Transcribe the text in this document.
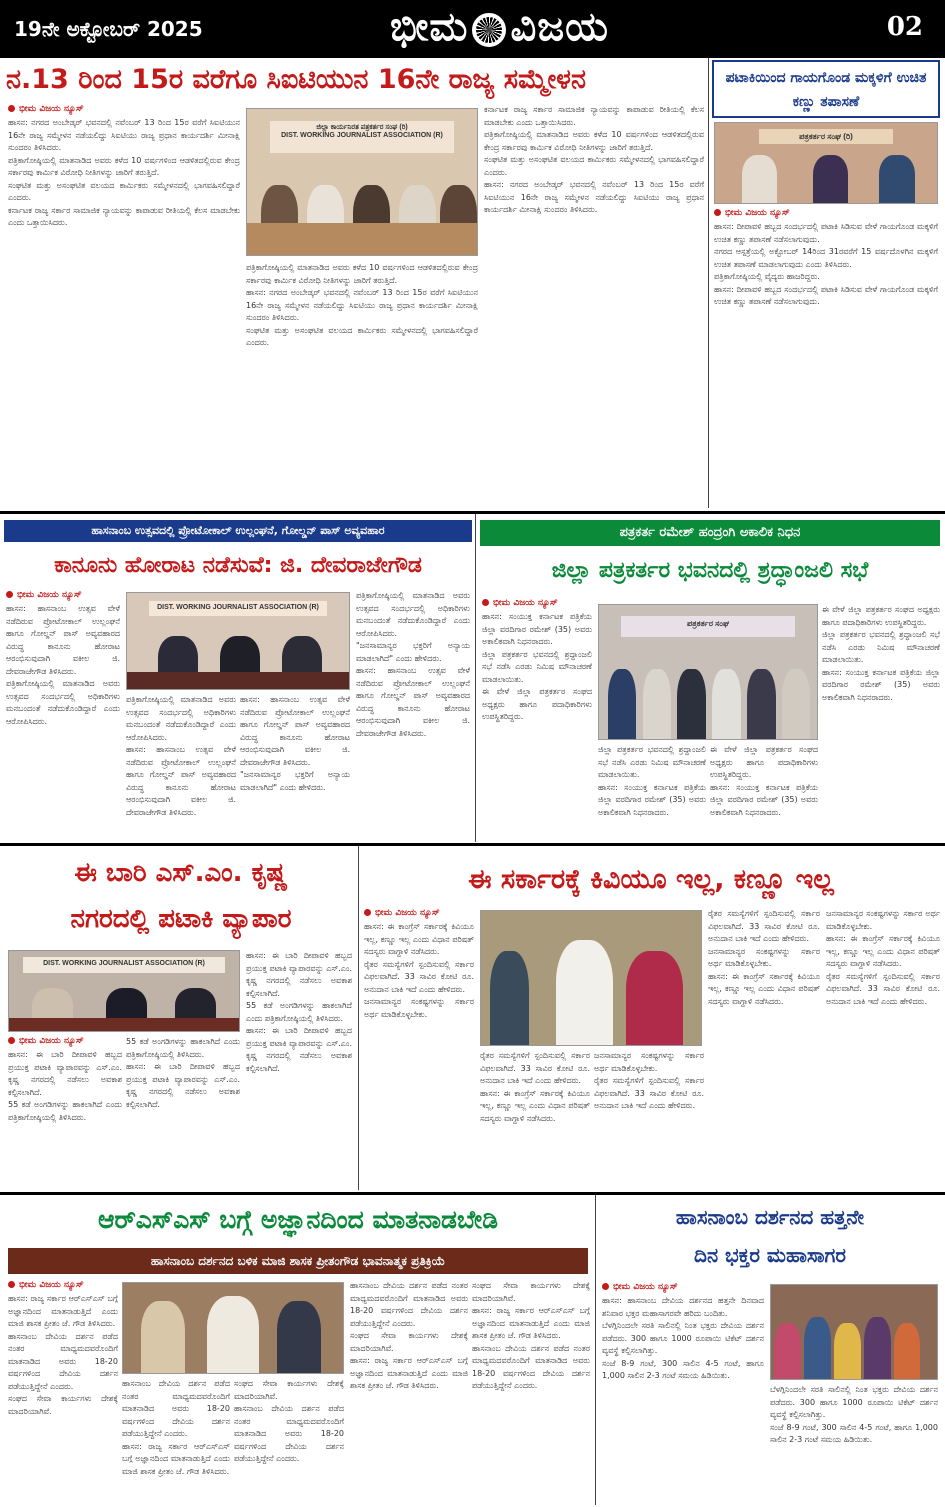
19ನೇ ಅಕ್ಟೋಬರ್ 2025	ಭೀಮ ವಿಜಯ	02
ನ.13 ರಿಂದ 15ರ ವರೆಗೂ ಸಿಐಟಿಯುನ 16ನೇ ರಾಜ್ಯ ಸಮ್ಮೇಳನ
ಭೀಮ ವಿಜಯ ನ್ಯೂಸ್
ಹಾಸನ: ನಗರದ ಅಂಬೇಡ್ಕರ್ ಭವನದಲ್ಲಿ ನವೆಂಬರ್ 13 ರಿಂದ 15ರ ವರೆಗೆ ಸಿಐಟಿಯುನ 16ನೇ ರಾಜ್ಯ ಸಮ್ಮೇಳನ ನಡೆಯಲಿದ್ದು ಸಿಐಟಿಯು ರಾಜ್ಯ ಪ್ರಧಾನ ಕಾರ್ಯದರ್ಶಿ ಮೀನಾಕ್ಷಿ ಸುಂದರಂ ತಿಳಿಸಿದರು.
ಪತ್ರಿಕಾಗೋಷ್ಠಿಯಲ್ಲಿ ಮಾತನಾಡಿದ ಅವರು ಕಳೆದ 10 ವರ್ಷಗಳಿಂದ ಆಡಳಿತದಲ್ಲಿರುವ ಕೇಂದ್ರ ಸರ್ಕಾರವು ಕಾರ್ಮಿಕ ವಿರೋಧಿ ನೀತಿಗಳನ್ನು ಜಾರಿಗೆ ತರುತ್ತಿದೆ.
ಸಂಘಟಿತ ಮತ್ತು ಅಸಂಘಟಿತ ವಲಯದ ಕಾರ್ಮಿಕರು ಸಮ್ಮೇಳನದಲ್ಲಿ ಭಾಗವಹಿಸಲಿದ್ದಾರೆ ಎಂದರು.
ಕರ್ನಾಟಕ ರಾಜ್ಯ ಸರ್ಕಾರ ಸಾಮಾಜಿಕ ನ್ಯಾಯವನ್ನು ಕಾಪಾಡುವ ರೀತಿಯಲ್ಲಿ ಕೆಲಸ ಮಾಡಬೇಕು ಎಂದು ಒತ್ತಾಯಿಸಿದರು.
ಜಿಲ್ಲಾ ಕಾರ್ಯನಿರತ ಪತ್ರಕರ್ತರ ಸಂಘ (ರಿ)
DIST. WORKING JOURNALIST ASSOCIATION (R)
ಪತ್ರಿಕಾಗೋಷ್ಠಿಯಲ್ಲಿ ಮಾತನಾಡಿದ ಅವರು ಕಳೆದ 10 ವರ್ಷಗಳಿಂದ ಆಡಳಿತದಲ್ಲಿರುವ ಕೇಂದ್ರ ಸರ್ಕಾರವು ಕಾರ್ಮಿಕ ವಿರೋಧಿ ನೀತಿಗಳನ್ನು ಜಾರಿಗೆ ತರುತ್ತಿದೆ.
ಹಾಸನ: ನಗರದ ಅಂಬೇಡ್ಕರ್ ಭವನದಲ್ಲಿ ನವೆಂಬರ್ 13 ರಿಂದ 15ರ ವರೆಗೆ ಸಿಐಟಿಯುನ 16ನೇ ರಾಜ್ಯ ಸಮ್ಮೇಳನ ನಡೆಯಲಿದ್ದು ಸಿಐಟಿಯು ರಾಜ್ಯ ಪ್ರಧಾನ ಕಾರ್ಯದರ್ಶಿ ಮೀನಾಕ್ಷಿ ಸುಂದರಂ ತಿಳಿಸಿದರು.
ಸಂಘಟಿತ ಮತ್ತು ಅಸಂಘಟಿತ ವಲಯದ ಕಾರ್ಮಿಕರು ಸಮ್ಮೇಳನದಲ್ಲಿ ಭಾಗವಹಿಸಲಿದ್ದಾರೆ ಎಂದರು.
ಕರ್ನಾಟಕ ರಾಜ್ಯ ಸರ್ಕಾರ ಸಾಮಾಜಿಕ ನ್ಯಾಯವನ್ನು ಕಾಪಾಡುವ ರೀತಿಯಲ್ಲಿ ಕೆಲಸ ಮಾಡಬೇಕು ಎಂದು ಒತ್ತಾಯಿಸಿದರು.
ಪತ್ರಿಕಾಗೋಷ್ಠಿಯಲ್ಲಿ ಮಾತನಾಡಿದ ಅವರು ಕಳೆದ 10 ವರ್ಷಗಳಿಂದ ಆಡಳಿತದಲ್ಲಿರುವ ಕೇಂದ್ರ ಸರ್ಕಾರವು ಕಾರ್ಮಿಕ ವಿರೋಧಿ ನೀತಿಗಳನ್ನು ಜಾರಿಗೆ ತರುತ್ತಿದೆ.
ಸಂಘಟಿತ ಮತ್ತು ಅಸಂಘಟಿತ ವಲಯದ ಕಾರ್ಮಿಕರು ಸಮ್ಮೇಳನದಲ್ಲಿ ಭಾಗವಹಿಸಲಿದ್ದಾರೆ ಎಂದರು.
ಹಾಸನ: ನಗರದ ಅಂಬೇಡ್ಕರ್ ಭವನದಲ್ಲಿ ನವೆಂಬರ್ 13 ರಿಂದ 15ರ ವರೆಗೆ ಸಿಐಟಿಯುನ 16ನೇ ರಾಜ್ಯ ಸಮ್ಮೇಳನ ನಡೆಯಲಿದ್ದು ಸಿಐಟಿಯು ರಾಜ್ಯ ಪ್ರಧಾನ ಕಾರ್ಯದರ್ಶಿ ಮೀನಾಕ್ಷಿ ಸುಂದರಂ ತಿಳಿಸಿದರು.
ಪಟಾಕಿಯಿಂದ ಗಾಯಗೊಂಡ ಮಕ್ಕಳಿಗೆ ಉಚಿತ ಕಣ್ಣು ತಪಾಸಣೆ
ಪತ್ರಕರ್ತರ ಸಂಘ (ರಿ)
ಭೀಮ ವಿಜಯ ನ್ಯೂಸ್
ಹಾಸನ: ದೀಪಾವಳಿ ಹಬ್ಬದ ಸಂದರ್ಭದಲ್ಲಿ ಪಟಾಕಿ ಸಿಡಿಸುವ ವೇಳೆ ಗಾಯಗೊಂಡ ಮಕ್ಕಳಿಗೆ ಉಚಿತ ಕಣ್ಣು ತಪಾಸಣೆ ನಡೆಸಲಾಗುವುದು.
ನಗರದ ಆಸ್ಪತ್ರೆಯಲ್ಲಿ ಅಕ್ಟೋಬರ್ 14ರಿಂದ 31ರವರೆಗೆ 15 ವರ್ಷದೊಳಗಿನ ಮಕ್ಕಳಿಗೆ ಉಚಿತ ತಪಾಸಣೆ ಮಾಡಲಾಗುವುದು ಎಂದು ತಿಳಿಸಿದರು.
ಪತ್ರಿಕಾಗೋಷ್ಠಿಯಲ್ಲಿ ವೈದ್ಯರು ಹಾಜರಿದ್ದರು.
ಹಾಸನ: ದೀಪಾವಳಿ ಹಬ್ಬದ ಸಂದರ್ಭದಲ್ಲಿ ಪಟಾಕಿ ಸಿಡಿಸುವ ವೇಳೆ ಗಾಯಗೊಂಡ ಮಕ್ಕಳಿಗೆ ಉಚಿತ ಕಣ್ಣು ತಪಾಸಣೆ ನಡೆಸಲಾಗುವುದು.
ಹಾಸನಾಂಬ ಉತ್ಸವದಲ್ಲಿ ಪ್ರೋಟೋಕಾಲ್ ಉಲ್ಲಂಘನೆ, ಗೋಲ್ಡನ್ ಪಾಸ್ ಅವ್ಯವಹಾರ
ಕಾನೂನು ಹೋರಾಟ ನಡೆಸುವೆ: ಜಿ. ದೇವರಾಜೇಗೌಡ
ಭೀಮ ವಿಜಯ ನ್ಯೂಸ್
ಹಾಸನ: ಹಾಸನಾಂಬ ಉತ್ಸವ ವೇಳೆ ನಡೆದಿರುವ ಪ್ರೋಟೋಕಾಲ್ ಉಲ್ಲಂಘನೆ ಹಾಗೂ ಗೋಲ್ಡನ್ ಪಾಸ್ ಅವ್ಯವಹಾರದ ವಿರುದ್ಧ ಕಾನೂನು ಹೋರಾಟ ಆರಂಭಿಸುವುದಾಗಿ ವಕೀಲ ಜಿ. ದೇವರಾಜೇಗೌಡ ತಿಳಿಸಿದರು.
ಪತ್ರಿಕಾಗೋಷ್ಠಿಯಲ್ಲಿ ಮಾತನಾಡಿದ ಅವರು ಉತ್ಸವದ ಸಂದರ್ಭದಲ್ಲಿ ಅಧಿಕಾರಿಗಳು ಮನಬಂದಂತೆ ನಡೆದುಕೊಂಡಿದ್ದಾರೆ ಎಂದು ಆರೋಪಿಸಿದರು.
DIST. WORKING JOURNALIST ASSOCIATION (R)
ಪತ್ರಿಕಾಗೋಷ್ಠಿಯಲ್ಲಿ ಮಾತನಾಡಿದ ಅವರು ಉತ್ಸವದ ಸಂದರ್ಭದಲ್ಲಿ ಅಧಿಕಾರಿಗಳು ಮನಬಂದಂತೆ ನಡೆದುಕೊಂಡಿದ್ದಾರೆ ಎಂದು ಆರೋಪಿಸಿದರು.
ಹಾಸನ: ಹಾಸನಾಂಬ ಉತ್ಸವ ವೇಳೆ ನಡೆದಿರುವ ಪ್ರೋಟೋಕಾಲ್ ಉಲ್ಲಂಘನೆ ಹಾಗೂ ಗೋಲ್ಡನ್ ಪಾಸ್ ಅವ್ಯವಹಾರದ ವಿರುದ್ಧ ಕಾನೂನು ಹೋರಾಟ ಆರಂಭಿಸುವುದಾಗಿ ವಕೀಲ ಜಿ. ದೇವರಾಜೇಗೌಡ ತಿಳಿಸಿದರು.
ಹಾಸನ: ಹಾಸನಾಂಬ ಉತ್ಸವ ವೇಳೆ ನಡೆದಿರುವ ಪ್ರೋಟೋಕಾಲ್ ಉಲ್ಲಂಘನೆ ಹಾಗೂ ಗೋಲ್ಡನ್ ಪಾಸ್ ಅವ್ಯವಹಾರದ ವಿರುದ್ಧ ಕಾನೂನು ಹೋರಾಟ ಆರಂಭಿಸುವುದಾಗಿ ವಕೀಲ ಜಿ. ದೇವರಾಜೇಗೌಡ ತಿಳಿಸಿದರು.
"ಜನಸಾಮಾನ್ಯರ ಭಕ್ತರಿಗೆ ಅನ್ಯಾಯ ಮಾಡಲಾಗಿದೆ" ಎಂದು ಹೇಳಿದರು.
ಪತ್ರಿಕಾಗೋಷ್ಠಿಯಲ್ಲಿ ಮಾತನಾಡಿದ ಅವರು ಉತ್ಸವದ ಸಂದರ್ಭದಲ್ಲಿ ಅಧಿಕಾರಿಗಳು ಮನಬಂದಂತೆ ನಡೆದುಕೊಂಡಿದ್ದಾರೆ ಎಂದು ಆರೋಪಿಸಿದರು.
"ಜನಸಾಮಾನ್ಯರ ಭಕ್ತರಿಗೆ ಅನ್ಯಾಯ ಮಾಡಲಾಗಿದೆ" ಎಂದು ಹೇಳಿದರು.
ಹಾಸನ: ಹಾಸನಾಂಬ ಉತ್ಸವ ವೇಳೆ ನಡೆದಿರುವ ಪ್ರೋಟೋಕಾಲ್ ಉಲ್ಲಂಘನೆ ಹಾಗೂ ಗೋಲ್ಡನ್ ಪಾಸ್ ಅವ್ಯವಹಾರದ ವಿರುದ್ಧ ಕಾನೂನು ಹೋರಾಟ ಆರಂಭಿಸುವುದಾಗಿ ವಕೀಲ ಜಿ. ದೇವರಾಜೇಗೌಡ ತಿಳಿಸಿದರು.
ಪತ್ರಕರ್ತ ರಮೇಶ್ ಹಂದ್ರಂಗಿ ಅಕಾಲಿಕ ನಿಧನ
ಜಿಲ್ಲಾ ಪತ್ರಕರ್ತರ ಭವನದಲ್ಲಿ ಶ್ರದ್ಧಾಂಜಲಿ ಸಭೆ
ಭೀಮ ವಿಜಯ ನ್ಯೂಸ್
ಹಾಸನ: ಸಂಯುಕ್ತ ಕರ್ನಾಟಕ ಪತ್ರಿಕೆಯ ಜಿಲ್ಲಾ ವರದಿಗಾರ ರಮೇಶ್ (35) ಅವರು ಅಕಾಲಿಕವಾಗಿ ನಿಧನರಾದರು.
ಜಿಲ್ಲಾ ಪತ್ರಕರ್ತರ ಭವನದಲ್ಲಿ ಶ್ರದ್ಧಾಂಜಲಿ ಸಭೆ ನಡೆಸಿ ಎರಡು ನಿಮಿಷ ಮೌನಾಚರಣೆ ಮಾಡಲಾಯಿತು.
ಈ ವೇಳೆ ಜಿಲ್ಲಾ ಪತ್ರಕರ್ತರ ಸಂಘದ ಅಧ್ಯಕ್ಷರು ಹಾಗೂ ಪದಾಧಿಕಾರಿಗಳು ಉಪಸ್ಥಿತರಿದ್ದರು.
ಪತ್ರಕರ್ತರ ಸಂಘ
ಜಿಲ್ಲಾ ಪತ್ರಕರ್ತರ ಭವನದಲ್ಲಿ ಶ್ರದ್ಧಾಂಜಲಿ ಸಭೆ ನಡೆಸಿ ಎರಡು ನಿಮಿಷ ಮೌನಾಚರಣೆ ಮಾಡಲಾಯಿತು.
ಹಾಸನ: ಸಂಯುಕ್ತ ಕರ್ನಾಟಕ ಪತ್ರಿಕೆಯ ಜಿಲ್ಲಾ ವರದಿಗಾರ ರಮೇಶ್ (35) ಅವರು ಅಕಾಲಿಕವಾಗಿ ನಿಧನರಾದರು.
ಈ ವೇಳೆ ಜಿಲ್ಲಾ ಪತ್ರಕರ್ತರ ಸಂಘದ ಅಧ್ಯಕ್ಷರು ಹಾಗೂ ಪದಾಧಿಕಾರಿಗಳು ಉಪಸ್ಥಿತರಿದ್ದರು.
ಹಾಸನ: ಸಂಯುಕ್ತ ಕರ್ನಾಟಕ ಪತ್ರಿಕೆಯ ಜಿಲ್ಲಾ ವರದಿಗಾರ ರಮೇಶ್ (35) ಅವರು ಅಕಾಲಿಕವಾಗಿ ನಿಧನರಾದರು.
ಈ ವೇಳೆ ಜಿಲ್ಲಾ ಪತ್ರಕರ್ತರ ಸಂಘದ ಅಧ್ಯಕ್ಷರು ಹಾಗೂ ಪದಾಧಿಕಾರಿಗಳು ಉಪಸ್ಥಿತರಿದ್ದರು.
ಜಿಲ್ಲಾ ಪತ್ರಕರ್ತರ ಭವನದಲ್ಲಿ ಶ್ರದ್ಧಾಂಜಲಿ ಸಭೆ ನಡೆಸಿ ಎರಡು ನಿಮಿಷ ಮೌನಾಚರಣೆ ಮಾಡಲಾಯಿತು.
ಹಾಸನ: ಸಂಯುಕ್ತ ಕರ್ನಾಟಕ ಪತ್ರಿಕೆಯ ಜಿಲ್ಲಾ ವರದಿಗಾರ ರಮೇಶ್ (35) ಅವರು ಅಕಾಲಿಕವಾಗಿ ನಿಧನರಾದರು.
ಈ ಬಾರಿ ಎಸ್.ಎಂ. ಕೃಷ್ಣ
ನಗರದಲ್ಲಿ ಪಟಾಕಿ ವ್ಯಾಪಾರ
DIST. WORKING JOURNALIST ASSOCIATION (R)
ಭೀಮ ವಿಜಯ ನ್ಯೂಸ್
ಹಾಸನ: ಈ ಬಾರಿ ದೀಪಾವಳಿ ಹಬ್ಬದ ಪ್ರಯುಕ್ತ ಪಟಾಕಿ ವ್ಯಾಪಾರವನ್ನು ಎಸ್.ಎಂ. ಕೃಷ್ಣ ನಗರದಲ್ಲಿ ನಡೆಸಲು ಅವಕಾಶ ಕಲ್ಪಿಸಲಾಗಿದೆ.
55 ಕಡೆ ಅಂಗಡಿಗಳನ್ನು ಹಾಕಲಾಗಿದೆ ಎಂದು ಪತ್ರಿಕಾಗೋಷ್ಠಿಯಲ್ಲಿ ತಿಳಿಸಿದರು.
55 ಕಡೆ ಅಂಗಡಿಗಳನ್ನು ಹಾಕಲಾಗಿದೆ ಎಂದು ಪತ್ರಿಕಾಗೋಷ್ಠಿಯಲ್ಲಿ ತಿಳಿಸಿದರು.
ಹಾಸನ: ಈ ಬಾರಿ ದೀಪಾವಳಿ ಹಬ್ಬದ ಪ್ರಯುಕ್ತ ಪಟಾಕಿ ವ್ಯಾಪಾರವನ್ನು ಎಸ್.ಎಂ. ಕೃಷ್ಣ ನಗರದಲ್ಲಿ ನಡೆಸಲು ಅವಕಾಶ ಕಲ್ಪಿಸಲಾಗಿದೆ.
ಹಾಸನ: ಈ ಬಾರಿ ದೀಪಾವಳಿ ಹಬ್ಬದ ಪ್ರಯುಕ್ತ ಪಟಾಕಿ ವ್ಯಾಪಾರವನ್ನು ಎಸ್.ಎಂ. ಕೃಷ್ಣ ನಗರದಲ್ಲಿ ನಡೆಸಲು ಅವಕಾಶ ಕಲ್ಪಿಸಲಾಗಿದೆ.
55 ಕಡೆ ಅಂಗಡಿಗಳನ್ನು ಹಾಕಲಾಗಿದೆ ಎಂದು ಪತ್ರಿಕಾಗೋಷ್ಠಿಯಲ್ಲಿ ತಿಳಿಸಿದರು.
ಹಾಸನ: ಈ ಬಾರಿ ದೀಪಾವಳಿ ಹಬ್ಬದ ಪ್ರಯುಕ್ತ ಪಟಾಕಿ ವ್ಯಾಪಾರವನ್ನು ಎಸ್.ಎಂ. ಕೃಷ್ಣ ನಗರದಲ್ಲಿ ನಡೆಸಲು ಅವಕಾಶ ಕಲ್ಪಿಸಲಾಗಿದೆ.
ಈ ಸರ್ಕಾರಕ್ಕೆ ಕಿವಿಯೂ ಇಲ್ಲ, ಕಣ್ಣೂ ಇಲ್ಲ
ಭೀಮ ವಿಜಯ ನ್ಯೂಸ್
ಹಾಸನ: ಈ ಕಾಂಗ್ರೆಸ್ ಸರ್ಕಾರಕ್ಕೆ ಕಿವಿಯೂ ಇಲ್ಲ, ಕಣ್ಣೂ ಇಲ್ಲ ಎಂದು ವಿಧಾನ ಪರಿಷತ್ ಸದಸ್ಯರು ವಾಗ್ದಾಳಿ ನಡೆಸಿದರು.
ರೈತರ ಸಮಸ್ಯೆಗಳಿಗೆ ಸ್ಪಂದಿಸುವಲ್ಲಿ ಸರ್ಕಾರ ವಿಫಲವಾಗಿದೆ. 33 ಸಾವಿರ ಕೋಟಿ ರೂ. ಅನುದಾನ ಬಾಕಿ ಇದೆ ಎಂದು ಹೇಳಿದರು.
ಜನಸಾಮಾನ್ಯರ ಸಂಕಷ್ಟಗಳನ್ನು ಸರ್ಕಾರ ಅರ್ಥ ಮಾಡಿಕೊಳ್ಳಬೇಕು.
ರೈತರ ಸಮಸ್ಯೆಗಳಿಗೆ ಸ್ಪಂದಿಸುವಲ್ಲಿ ಸರ್ಕಾರ ವಿಫಲವಾಗಿದೆ. 33 ಸಾವಿರ ಕೋಟಿ ರೂ. ಅನುದಾನ ಬಾಕಿ ಇದೆ ಎಂದು ಹೇಳಿದರು.
ಹಾಸನ: ಈ ಕಾಂಗ್ರೆಸ್ ಸರ್ಕಾರಕ್ಕೆ ಕಿವಿಯೂ ಇಲ್ಲ, ಕಣ್ಣೂ ಇಲ್ಲ ಎಂದು ವಿಧಾನ ಪರಿಷತ್ ಸದಸ್ಯರು ವಾಗ್ದಾಳಿ ನಡೆಸಿದರು.
ಜನಸಾಮಾನ್ಯರ ಸಂಕಷ್ಟಗಳನ್ನು ಸರ್ಕಾರ ಅರ್ಥ ಮಾಡಿಕೊಳ್ಳಬೇಕು.
ರೈತರ ಸಮಸ್ಯೆಗಳಿಗೆ ಸ್ಪಂದಿಸುವಲ್ಲಿ ಸರ್ಕಾರ ವಿಫಲವಾಗಿದೆ. 33 ಸಾವಿರ ಕೋಟಿ ರೂ. ಅನುದಾನ ಬಾಕಿ ಇದೆ ಎಂದು ಹೇಳಿದರು.
ರೈತರ ಸಮಸ್ಯೆಗಳಿಗೆ ಸ್ಪಂದಿಸುವಲ್ಲಿ ಸರ್ಕಾರ ವಿಫಲವಾಗಿದೆ. 33 ಸಾವಿರ ಕೋಟಿ ರೂ. ಅನುದಾನ ಬಾಕಿ ಇದೆ ಎಂದು ಹೇಳಿದರು.
ಜನಸಾಮಾನ್ಯರ ಸಂಕಷ್ಟಗಳನ್ನು ಸರ್ಕಾರ ಅರ್ಥ ಮಾಡಿಕೊಳ್ಳಬೇಕು.
ಹಾಸನ: ಈ ಕಾಂಗ್ರೆಸ್ ಸರ್ಕಾರಕ್ಕೆ ಕಿವಿಯೂ ಇಲ್ಲ, ಕಣ್ಣೂ ಇಲ್ಲ ಎಂದು ವಿಧಾನ ಪರಿಷತ್ ಸದಸ್ಯರು ವಾಗ್ದಾಳಿ ನಡೆಸಿದರು.
ಜನಸಾಮಾನ್ಯರ ಸಂಕಷ್ಟಗಳನ್ನು ಸರ್ಕಾರ ಅರ್ಥ ಮಾಡಿಕೊಳ್ಳಬೇಕು.
ಹಾಸನ: ಈ ಕಾಂಗ್ರೆಸ್ ಸರ್ಕಾರಕ್ಕೆ ಕಿವಿಯೂ ಇಲ್ಲ, ಕಣ್ಣೂ ಇಲ್ಲ ಎಂದು ವಿಧಾನ ಪರಿಷತ್ ಸದಸ್ಯರು ವಾಗ್ದಾಳಿ ನಡೆಸಿದರು.
ರೈತರ ಸಮಸ್ಯೆಗಳಿಗೆ ಸ್ಪಂದಿಸುವಲ್ಲಿ ಸರ್ಕಾರ ವಿಫಲವಾಗಿದೆ. 33 ಸಾವಿರ ಕೋಟಿ ರೂ. ಅನುದಾನ ಬಾಕಿ ಇದೆ ಎಂದು ಹೇಳಿದರು.
ಆರ್‌ಎಸ್‌ಎಸ್ ಬಗ್ಗೆ ಅಜ್ಞಾನದಿಂದ ಮಾತನಾಡಬೇಡಿ
ಹಾಸನಾಂಬ ದರ್ಶನದ ಬಳಿಕ ಮಾಜಿ ಶಾಸಕ ಪ್ರೀತಂಗೌಡ ಭಾವನಾತ್ಮಕ ಪ್ರತಿಕ್ರಿಯೆ
ಭೀಮ ವಿಜಯ ನ್ಯೂಸ್
ಹಾಸನ: ರಾಜ್ಯ ಸರ್ಕಾರ ಆರ್‌ಎಸ್‌ಎಸ್ ಬಗ್ಗೆ ಅಜ್ಞಾನದಿಂದ ಮಾತನಾಡುತ್ತಿದೆ ಎಂದು ಮಾಜಿ ಶಾಸಕ ಪ್ರೀತಂ ಜೆ. ಗೌಡ ತಿಳಿಸಿದರು.
ಹಾಸನಾಂಬ ದೇವಿಯ ದರ್ಶನ ಪಡೆದ ನಂತರ ಮಾಧ್ಯಮದವರೊಂದಿಗೆ ಮಾತನಾಡಿದ ಅವರು 18-20 ವರ್ಷಗಳಿಂದ ದೇವಿಯ ದರ್ಶನ ಪಡೆಯುತ್ತಿದ್ದೇನೆ ಎಂದರು.
ಸಂಘದ ಸೇವಾ ಕಾರ್ಯಗಳು ದೇಶಕ್ಕೆ ಮಾದರಿಯಾಗಿವೆ.
ಹಾಸನಾಂಬ ದೇವಿಯ ದರ್ಶನ ಪಡೆದ ನಂತರ ಮಾಧ್ಯಮದವರೊಂದಿಗೆ ಮಾತನಾಡಿದ ಅವರು 18-20 ವರ್ಷಗಳಿಂದ ದೇವಿಯ ದರ್ಶನ ಪಡೆಯುತ್ತಿದ್ದೇನೆ ಎಂದರು.
ಹಾಸನ: ರಾಜ್ಯ ಸರ್ಕಾರ ಆರ್‌ಎಸ್‌ಎಸ್ ಬಗ್ಗೆ ಅಜ್ಞಾನದಿಂದ ಮಾತನಾಡುತ್ತಿದೆ ಎಂದು ಮಾಜಿ ಶಾಸಕ ಪ್ರೀತಂ ಜೆ. ಗೌಡ ತಿಳಿಸಿದರು.
ಸಂಘದ ಸೇವಾ ಕಾರ್ಯಗಳು ದೇಶಕ್ಕೆ ಮಾದರಿಯಾಗಿವೆ.
ಹಾಸನಾಂಬ ದೇವಿಯ ದರ್ಶನ ಪಡೆದ ನಂತರ ಮಾಧ್ಯಮದವರೊಂದಿಗೆ ಮಾತನಾಡಿದ ಅವರು 18-20 ವರ್ಷಗಳಿಂದ ದೇವಿಯ ದರ್ಶನ ಪಡೆಯುತ್ತಿದ್ದೇನೆ ಎಂದರು.
ಹಾಸನಾಂಬ ದೇವಿಯ ದರ್ಶನ ಪಡೆದ ನಂತರ ಮಾಧ್ಯಮದವರೊಂದಿಗೆ ಮಾತನಾಡಿದ ಅವರು 18-20 ವರ್ಷಗಳಿಂದ ದೇವಿಯ ದರ್ಶನ ಪಡೆಯುತ್ತಿದ್ದೇನೆ ಎಂದರು.
ಸಂಘದ ಸೇವಾ ಕಾರ್ಯಗಳು ದೇಶಕ್ಕೆ ಮಾದರಿಯಾಗಿವೆ.
ಹಾಸನ: ರಾಜ್ಯ ಸರ್ಕಾರ ಆರ್‌ಎಸ್‌ಎಸ್ ಬಗ್ಗೆ ಅಜ್ಞಾನದಿಂದ ಮಾತನಾಡುತ್ತಿದೆ ಎಂದು ಮಾಜಿ ಶಾಸಕ ಪ್ರೀತಂ ಜೆ. ಗೌಡ ತಿಳಿಸಿದರು.
ಸಂಘದ ಸೇವಾ ಕಾರ್ಯಗಳು ದೇಶಕ್ಕೆ ಮಾದರಿಯಾಗಿವೆ.
ಹಾಸನ: ರಾಜ್ಯ ಸರ್ಕಾರ ಆರ್‌ಎಸ್‌ಎಸ್ ಬಗ್ಗೆ ಅಜ್ಞಾನದಿಂದ ಮಾತನಾಡುತ್ತಿದೆ ಎಂದು ಮಾಜಿ ಶಾಸಕ ಪ್ರೀತಂ ಜೆ. ಗೌಡ ತಿಳಿಸಿದರು.
ಹಾಸನಾಂಬ ದೇವಿಯ ದರ್ಶನ ಪಡೆದ ನಂತರ ಮಾಧ್ಯಮದವರೊಂದಿಗೆ ಮಾತನಾಡಿದ ಅವರು 18-20 ವರ್ಷಗಳಿಂದ ದೇವಿಯ ದರ್ಶನ ಪಡೆಯುತ್ತಿದ್ದೇನೆ ಎಂದರು.
ಹಾಸನಾಂಬ ದರ್ಶನದ ಹತ್ತನೇ
ದಿನ ಭಕ್ತರ ಮಹಾಸಾಗರ
ಭೀಮ ವಿಜಯ ನ್ಯೂಸ್
ಹಾಸನ: ಹಾಸನಾಂಬ ದೇವಿಯ ದರ್ಶನದ ಹತ್ತನೇ ದಿನವಾದ ಶನಿವಾರ ಭಕ್ತರ ಮಹಾಸಾಗರವೇ ಹರಿದು ಬಂದಿತು.
ಬೆಳಗ್ಗಿನಿಂದಲೇ ಸರತಿ ಸಾಲಿನಲ್ಲಿ ನಿಂತ ಭಕ್ತರು ದೇವಿಯ ದರ್ಶನ ಪಡೆದರು. 300 ಹಾಗೂ 1000 ರೂಪಾಯಿ ಟಿಕೆಟ್ ದರ್ಶನ ವ್ಯವಸ್ಥೆ ಕಲ್ಪಿಸಲಾಗಿತ್ತು.
ಸಂಜೆ 8-9 ಗಂಟೆ, 300 ಸಾಲಿನ 4-5 ಗಂಟೆ, ಹಾಗೂ 1,000 ಸಾಲಿನ 2-3 ಗಂಟೆ ಸಮಯ ಹಿಡಿಯಿತು.
ಬೆಳಗ್ಗಿನಿಂದಲೇ ಸರತಿ ಸಾಲಿನಲ್ಲಿ ನಿಂತ ಭಕ್ತರು ದೇವಿಯ ದರ್ಶನ ಪಡೆದರು. 300 ಹಾಗೂ 1000 ರೂಪಾಯಿ ಟಿಕೆಟ್ ದರ್ಶನ ವ್ಯವಸ್ಥೆ ಕಲ್ಪಿಸಲಾಗಿತ್ತು.
ಸಂಜೆ 8-9 ಗಂಟೆ, 300 ಸಾಲಿನ 4-5 ಗಂಟೆ, ಹಾಗೂ 1,000 ಸಾಲಿನ 2-3 ಗಂಟೆ ಸಮಯ ಹಿಡಿಯಿತು.
